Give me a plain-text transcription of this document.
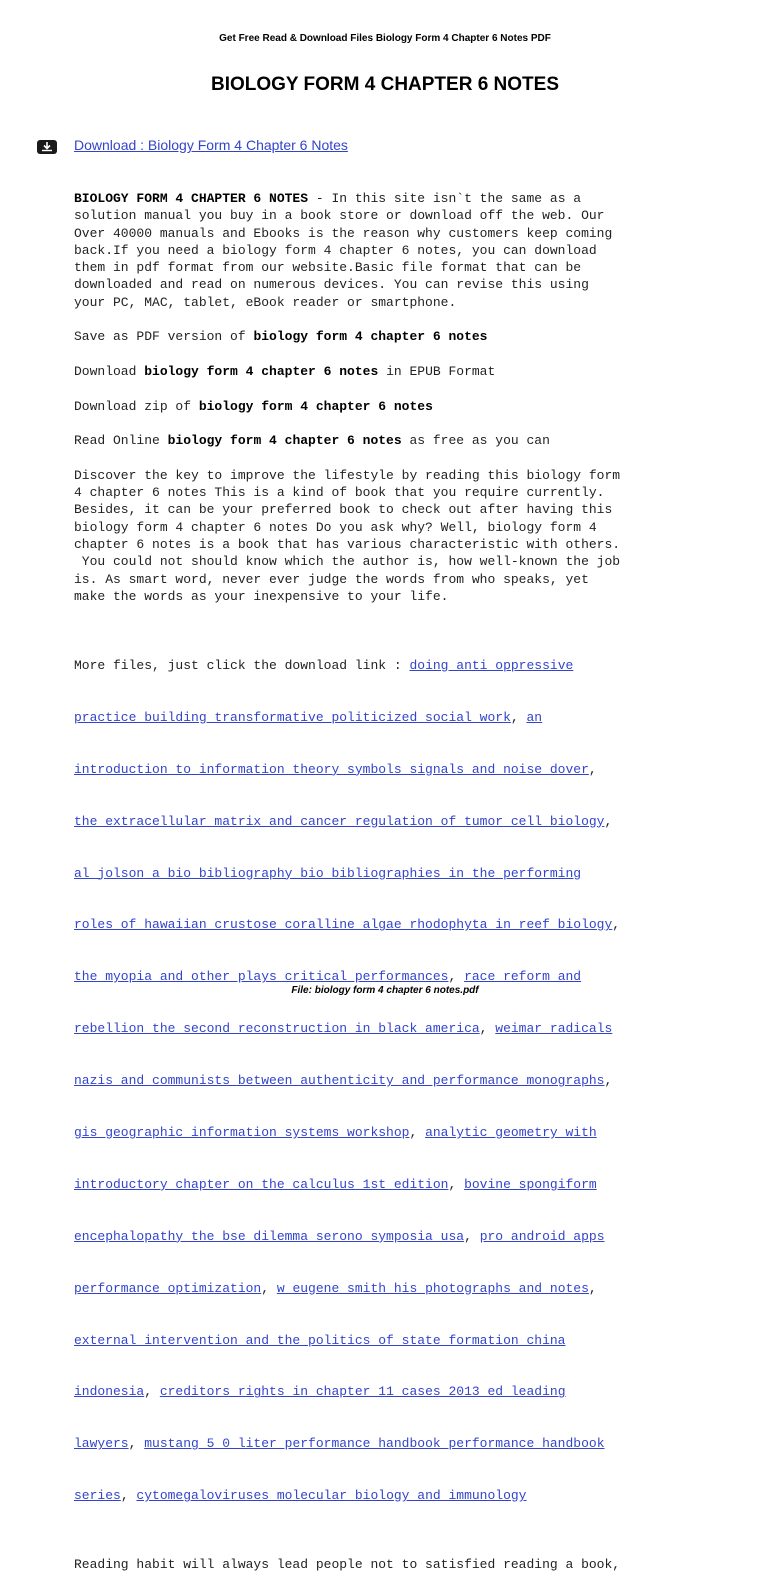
Get Free Read & Download Files Biology Form 4 Chapter 6 Notes PDF
BIOLOGY FORM 4 CHAPTER 6 NOTES
Download : Biology Form 4 Chapter 6 Notes
BIOLOGY FORM 4 CHAPTER 6 NOTES - In this site isn`t the same as a
solution manual you buy in a book store or download off the web. Our
Over 40000 manuals and Ebooks is the reason why customers keep coming
back.If you need a biology form 4 chapter 6 notes, you can download
them in pdf format from our website.Basic file format that can be
downloaded and read on numerous devices. You can revise this using
your PC, MAC, tablet, eBook reader or smartphone.
Save as PDF version of biology form 4 chapter 6 notes
Download biology form 4 chapter 6 notes in EPUB Format
Download zip of biology form 4 chapter 6 notes
Read Online biology form 4 chapter 6 notes as free as you can
Discover the key to improve the lifestyle by reading this biology form
4 chapter 6 notes This is a kind of book that you require currently.
Besides, it can be your preferred book to check out after having this
biology form 4 chapter 6 notes Do you ask why? Well, biology form 4
chapter 6 notes is a book that has various characteristic with others.
You could not should know which the author is, how well-known the job
is. As smart word, never ever judge the words from who speaks, yet
make the words as your inexpensive to your life.

More files, just click the download link : doing anti oppressive

practice building transformative politicized social work, an

introduction to information theory symbols signals and noise dover,

the extracellular matrix and cancer regulation of tumor cell biology,

al jolson a bio bibliography bio bibliographies in the performing

roles of hawaiian crustose coralline algae rhodophyta in reef biology,

the myopia and other plays critical performances, race reform and

rebellion the second reconstruction in black america, weimar radicals

nazis and communists between authenticity and performance monographs,

gis geographic information systems workshop, analytic geometry with

introductory chapter on the calculus 1st edition, bovine spongiform

encephalopathy the bse dilemma serono symposia usa, pro android apps

performance optimization, w eugene smith his photographs and notes,

external intervention and the politics of state formation china

indonesia, creditors rights in chapter 11 cases 2013 ed leading

lawyers, mustang 5 0 liter performance handbook performance handbook

series, cytomegaloviruses molecular biology and immunology

Reading habit will always lead people not to satisfied reading a book,
File: biology form 4 chapter 6 notes.pdf
